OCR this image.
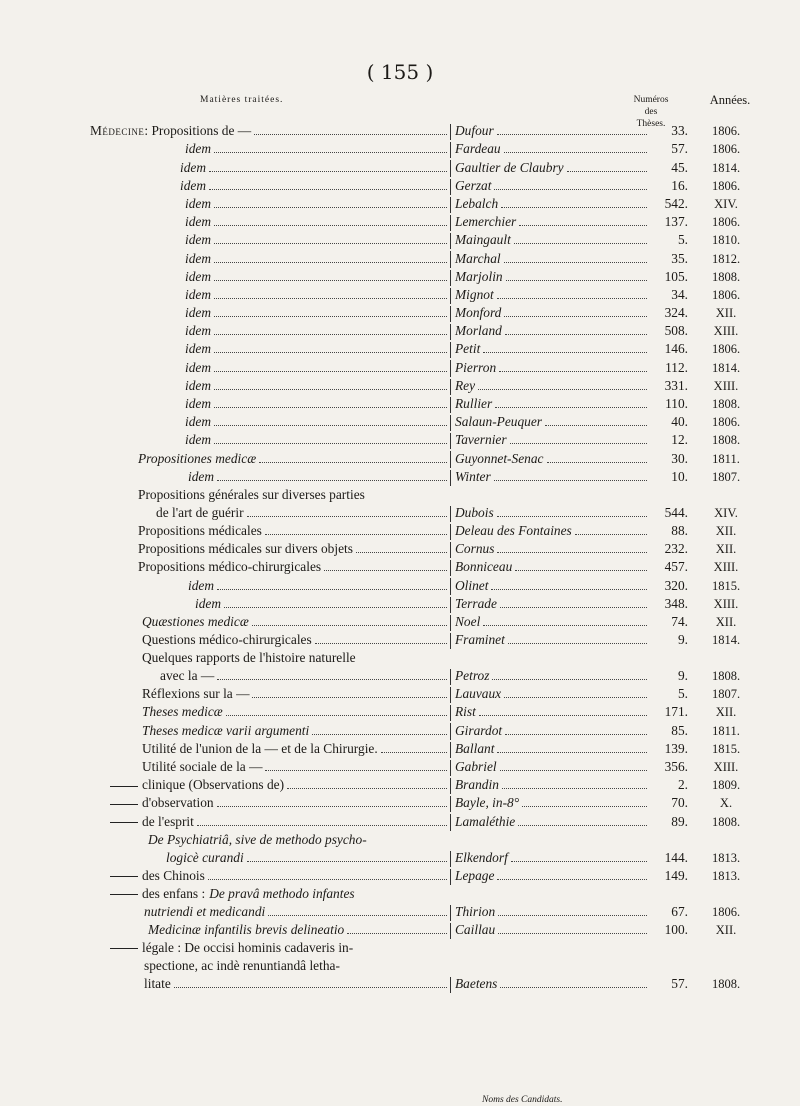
( 155 )
Matières traitées.
Noms des Candidats.
Numéros
des Thèses.
Années.
Médecine : Propositions de —	Dufour	33.	1806.
idem	Fardeau	57.	1806.
idem	Gaultier de Claubry	45.	1814.
idem	Gerzat	16.	1806.
idem	Lebalch	542.	XIV.
idem	Lemerchier	137.	1806.
idem	Maingault	5.	1810.
idem	Marchal	35.	1812.
idem	Marjolin	105.	1808.
idem	Mignot	34.	1806.
idem	Monford	324.	XII.
idem	Morland	508.	XIII.
idem	Petit	146.	1806.
idem	Pierron	112.	1814.
idem	Rey	331.	XIII.
idem	Rullier	110.	1808.
idem	Salaun-Peuquer	40.	1806.
idem	Tavernier	12.	1808.
Propositiones medicæ	Guyonnet-Senac	30.	1811.
idem	Winter	10.	1807.
Propositions générales sur diverses parties
de l'art de guérir	Dubois	544.	XIV.
Propositions médicales	Deleau des Fontaines	88.	XII.
Propositions médicales sur divers objets	Cornus	232.	XII.
Propositions médico-chirurgicales	Bonniceau	457.	XIII.
idem	Olinet	320.	1815.
idem	Terrade	348.	XIII.
Quæstiones medicæ	Noel	74.	XII.
Questions médico-chirurgicales	Framinet	9.	1814.
Quelques rapports de l'histoire naturelle
avec la —	Petroz	9.	1808.
Réflexions sur la —	Lauvaux	5.	1807.
Theses medicæ	Rist	171.	XII.
Theses medicæ varii argumenti	Girardot	85.	1811.
Utilité de l'union de la — et de la Chirurgie.	Ballant	139.	1815.
Utilité sociale de la —	Gabriel	356.	XIII.
clinique (Observations de)	Brandin	2.	1809.
d'observation	Bayle, in-8°	70.	X.
de l'esprit	Lamaléthie	89.	1808.
De Psychiatriâ, sive de methodo psycho-
logicè curandi	Elkendorf	144.	1813.
des Chinois	Lepage	149.	1813.
des enfans : De pravâ methodo infantes
nutriendi et medicandi	Thirion	67.	1806.
Medicinæ infantilis brevis delineatio	Caillau	100.	XII.
légale : De occisi hominis cadaveris in-
spectione, ac indè renuntiandâ letha-
litate	Baetens	57.	1808.
